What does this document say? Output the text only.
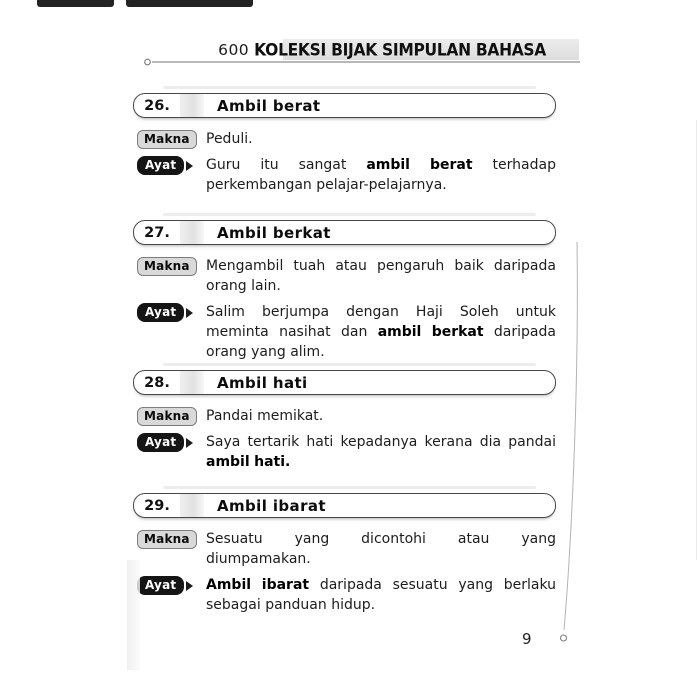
600 KOLEKSI BIJAK SIMPULAN BAHASA
26.	Ambil berat
Makna	Peduli.
Ayat	Guru itu sangat ambil berat terhadap
perkembangan pelajar-pelajarnya.
27.	Ambil berkat
Makna	Mengambil tuah atau pengaruh baik daripada
orang lain.
Ayat	Salim berjumpa dengan Haji Soleh untuk
meminta nasihat dan ambil berkat daripada
orang yang alim.
28.	Ambil hati
Makna	Pandai memikat.
Ayat	Saya tertarik hati kepadanya kerana dia pandai
ambil hati.
29.	Ambil ibarat
Makna	Sesuatu yang dicontohi atau yang
diumpamakan.
Ayat	Ambil ibarat daripada sesuatu yang berlaku
sebagai panduan hidup.
9
